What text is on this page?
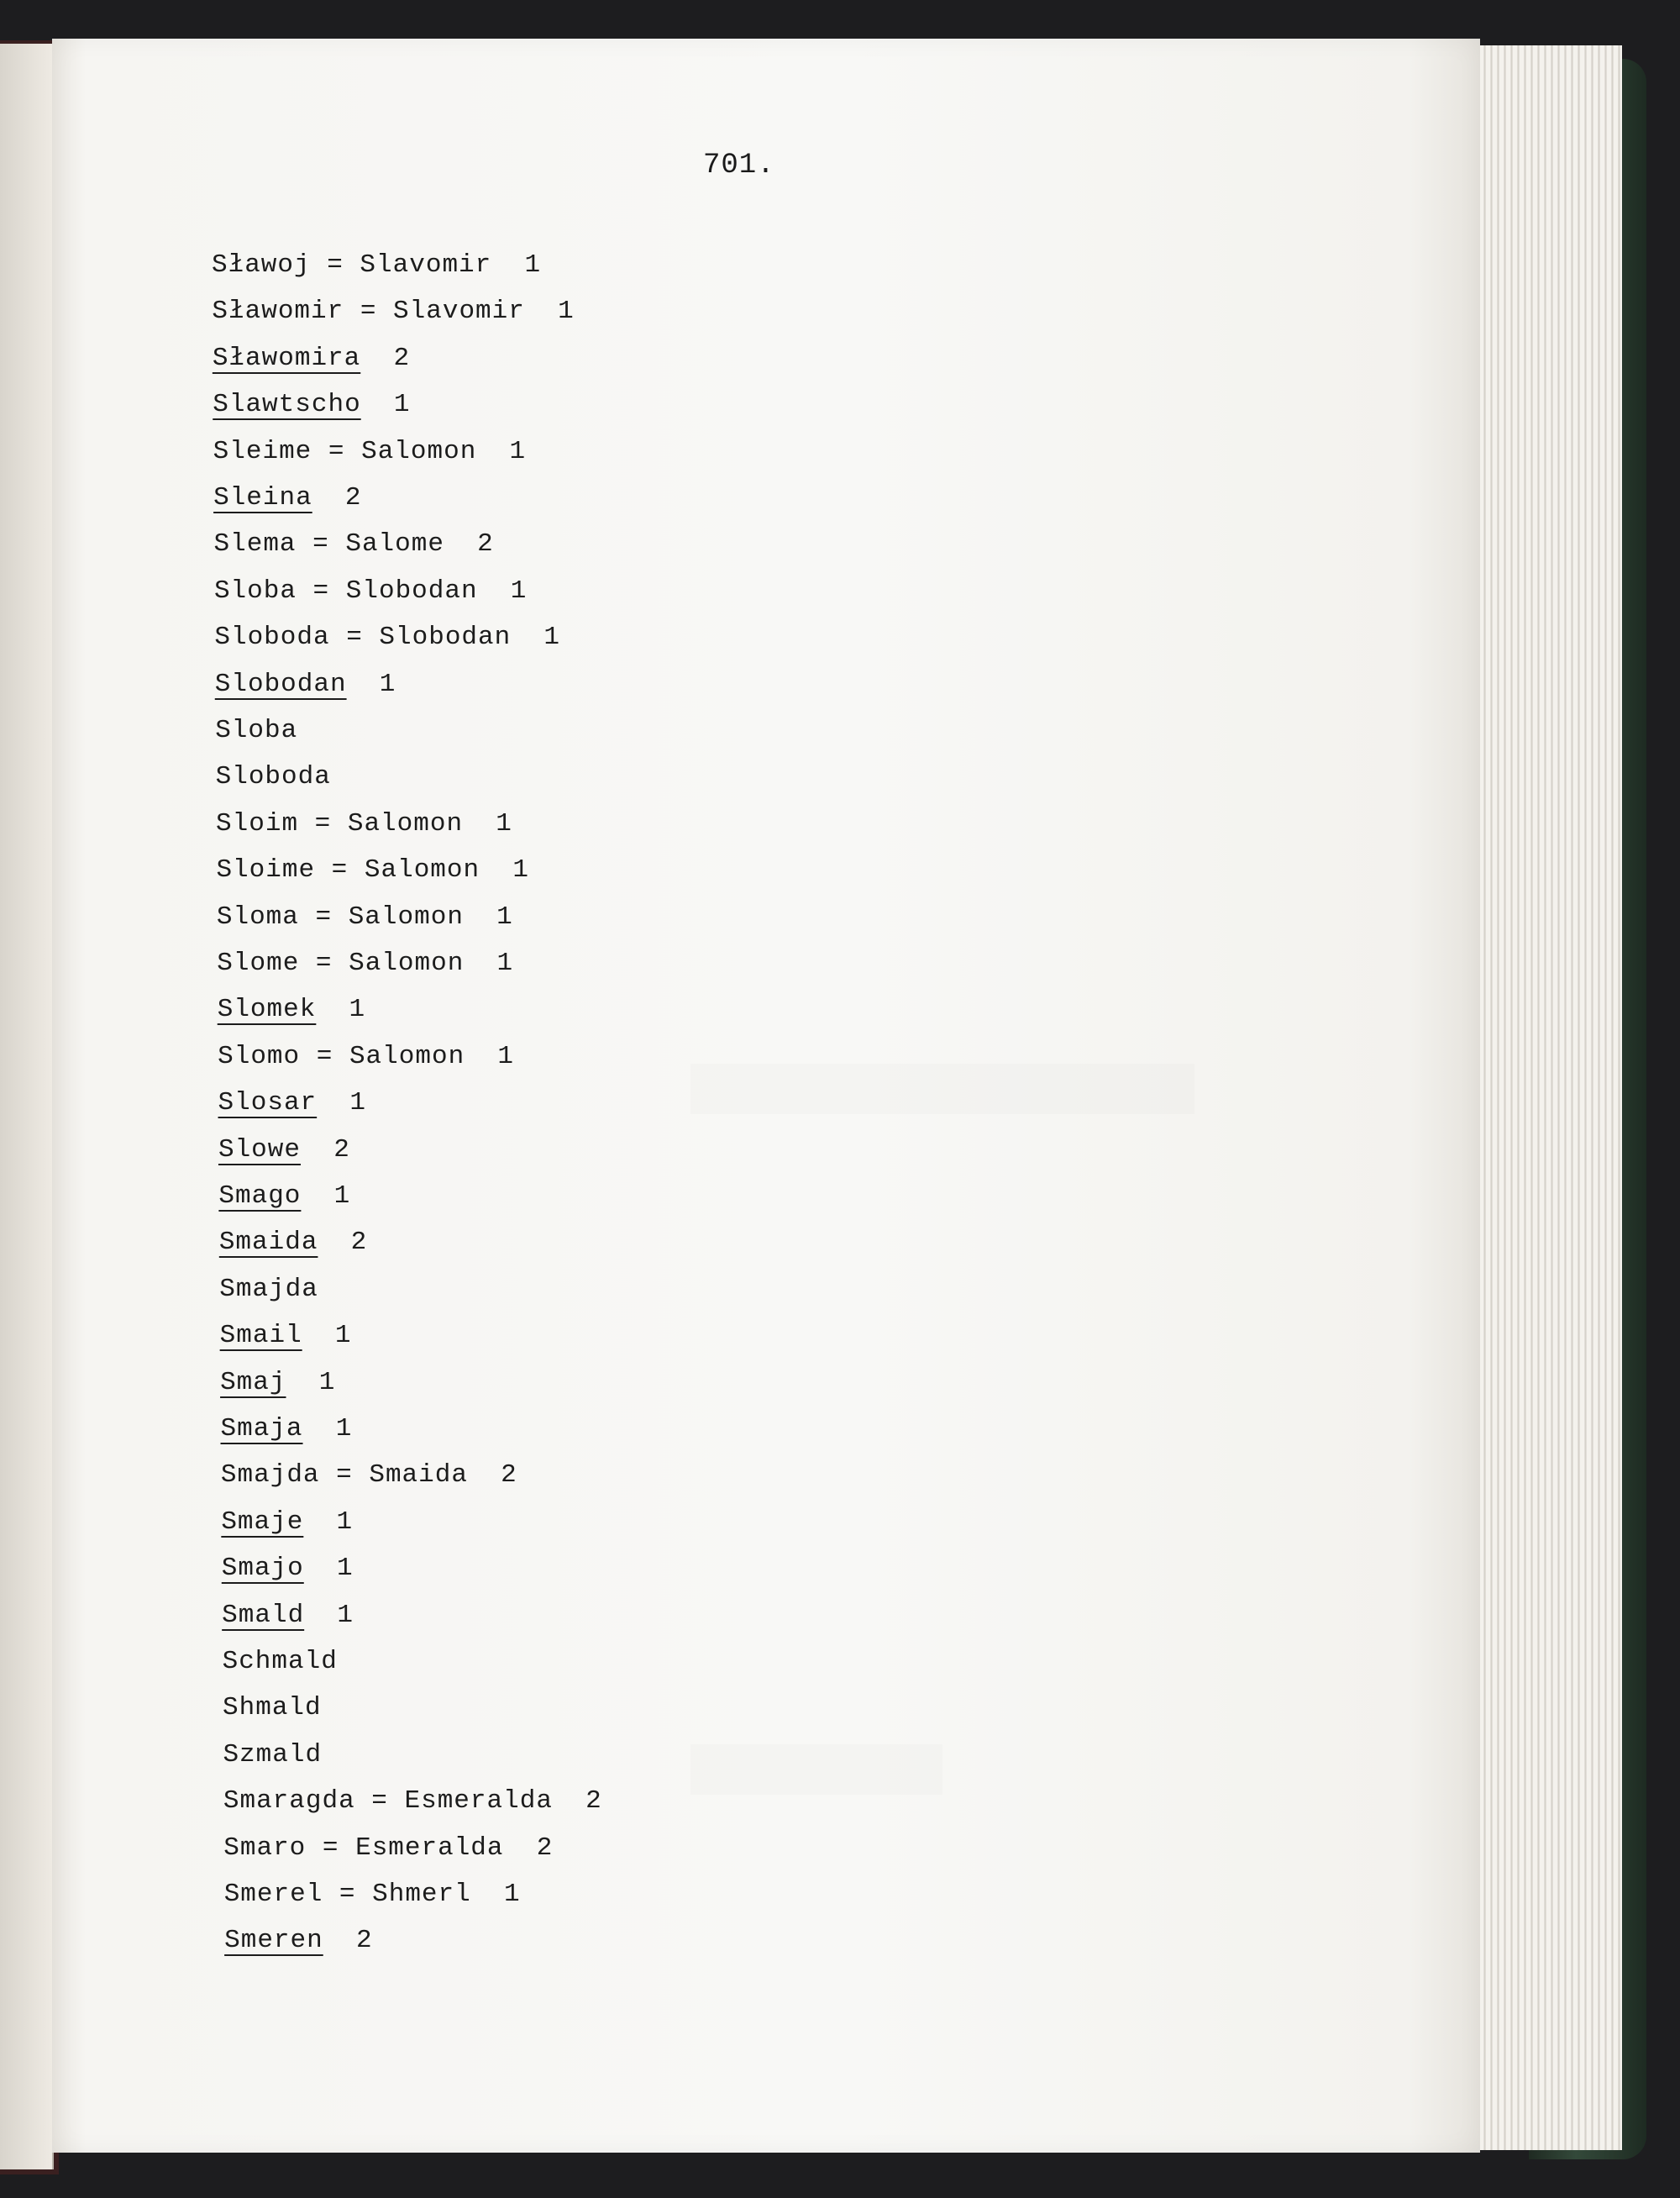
701.
Sławoj = Slavomir  1
Sławomir = Slavomir  1
Sławomira  2
Slawtscho  1
Sleime = Salomon  1
Sleina  2
Slema = Salome  2
Sloba = Slobodan  1
Sloboda = Slobodan  1
Slobodan  1
Sloba
Sloboda
Sloim = Salomon  1
Sloime = Salomon  1
Sloma = Salomon  1
Slome = Salomon  1
Slomek  1
Slomo = Salomon  1
Slosar  1
Slowe  2
Smago  1
Smaida  2
Smajda
Smail  1
Smaj  1
Smaja  1
Smajda = Smaida  2
Smaje  1
Smajo  1
Smald  1
Schmald
Shmald
Szmald
Smaragda = Esmeralda  2
Smaro = Esmeralda  2
Smerel = Shmerl  1
Smeren  2
